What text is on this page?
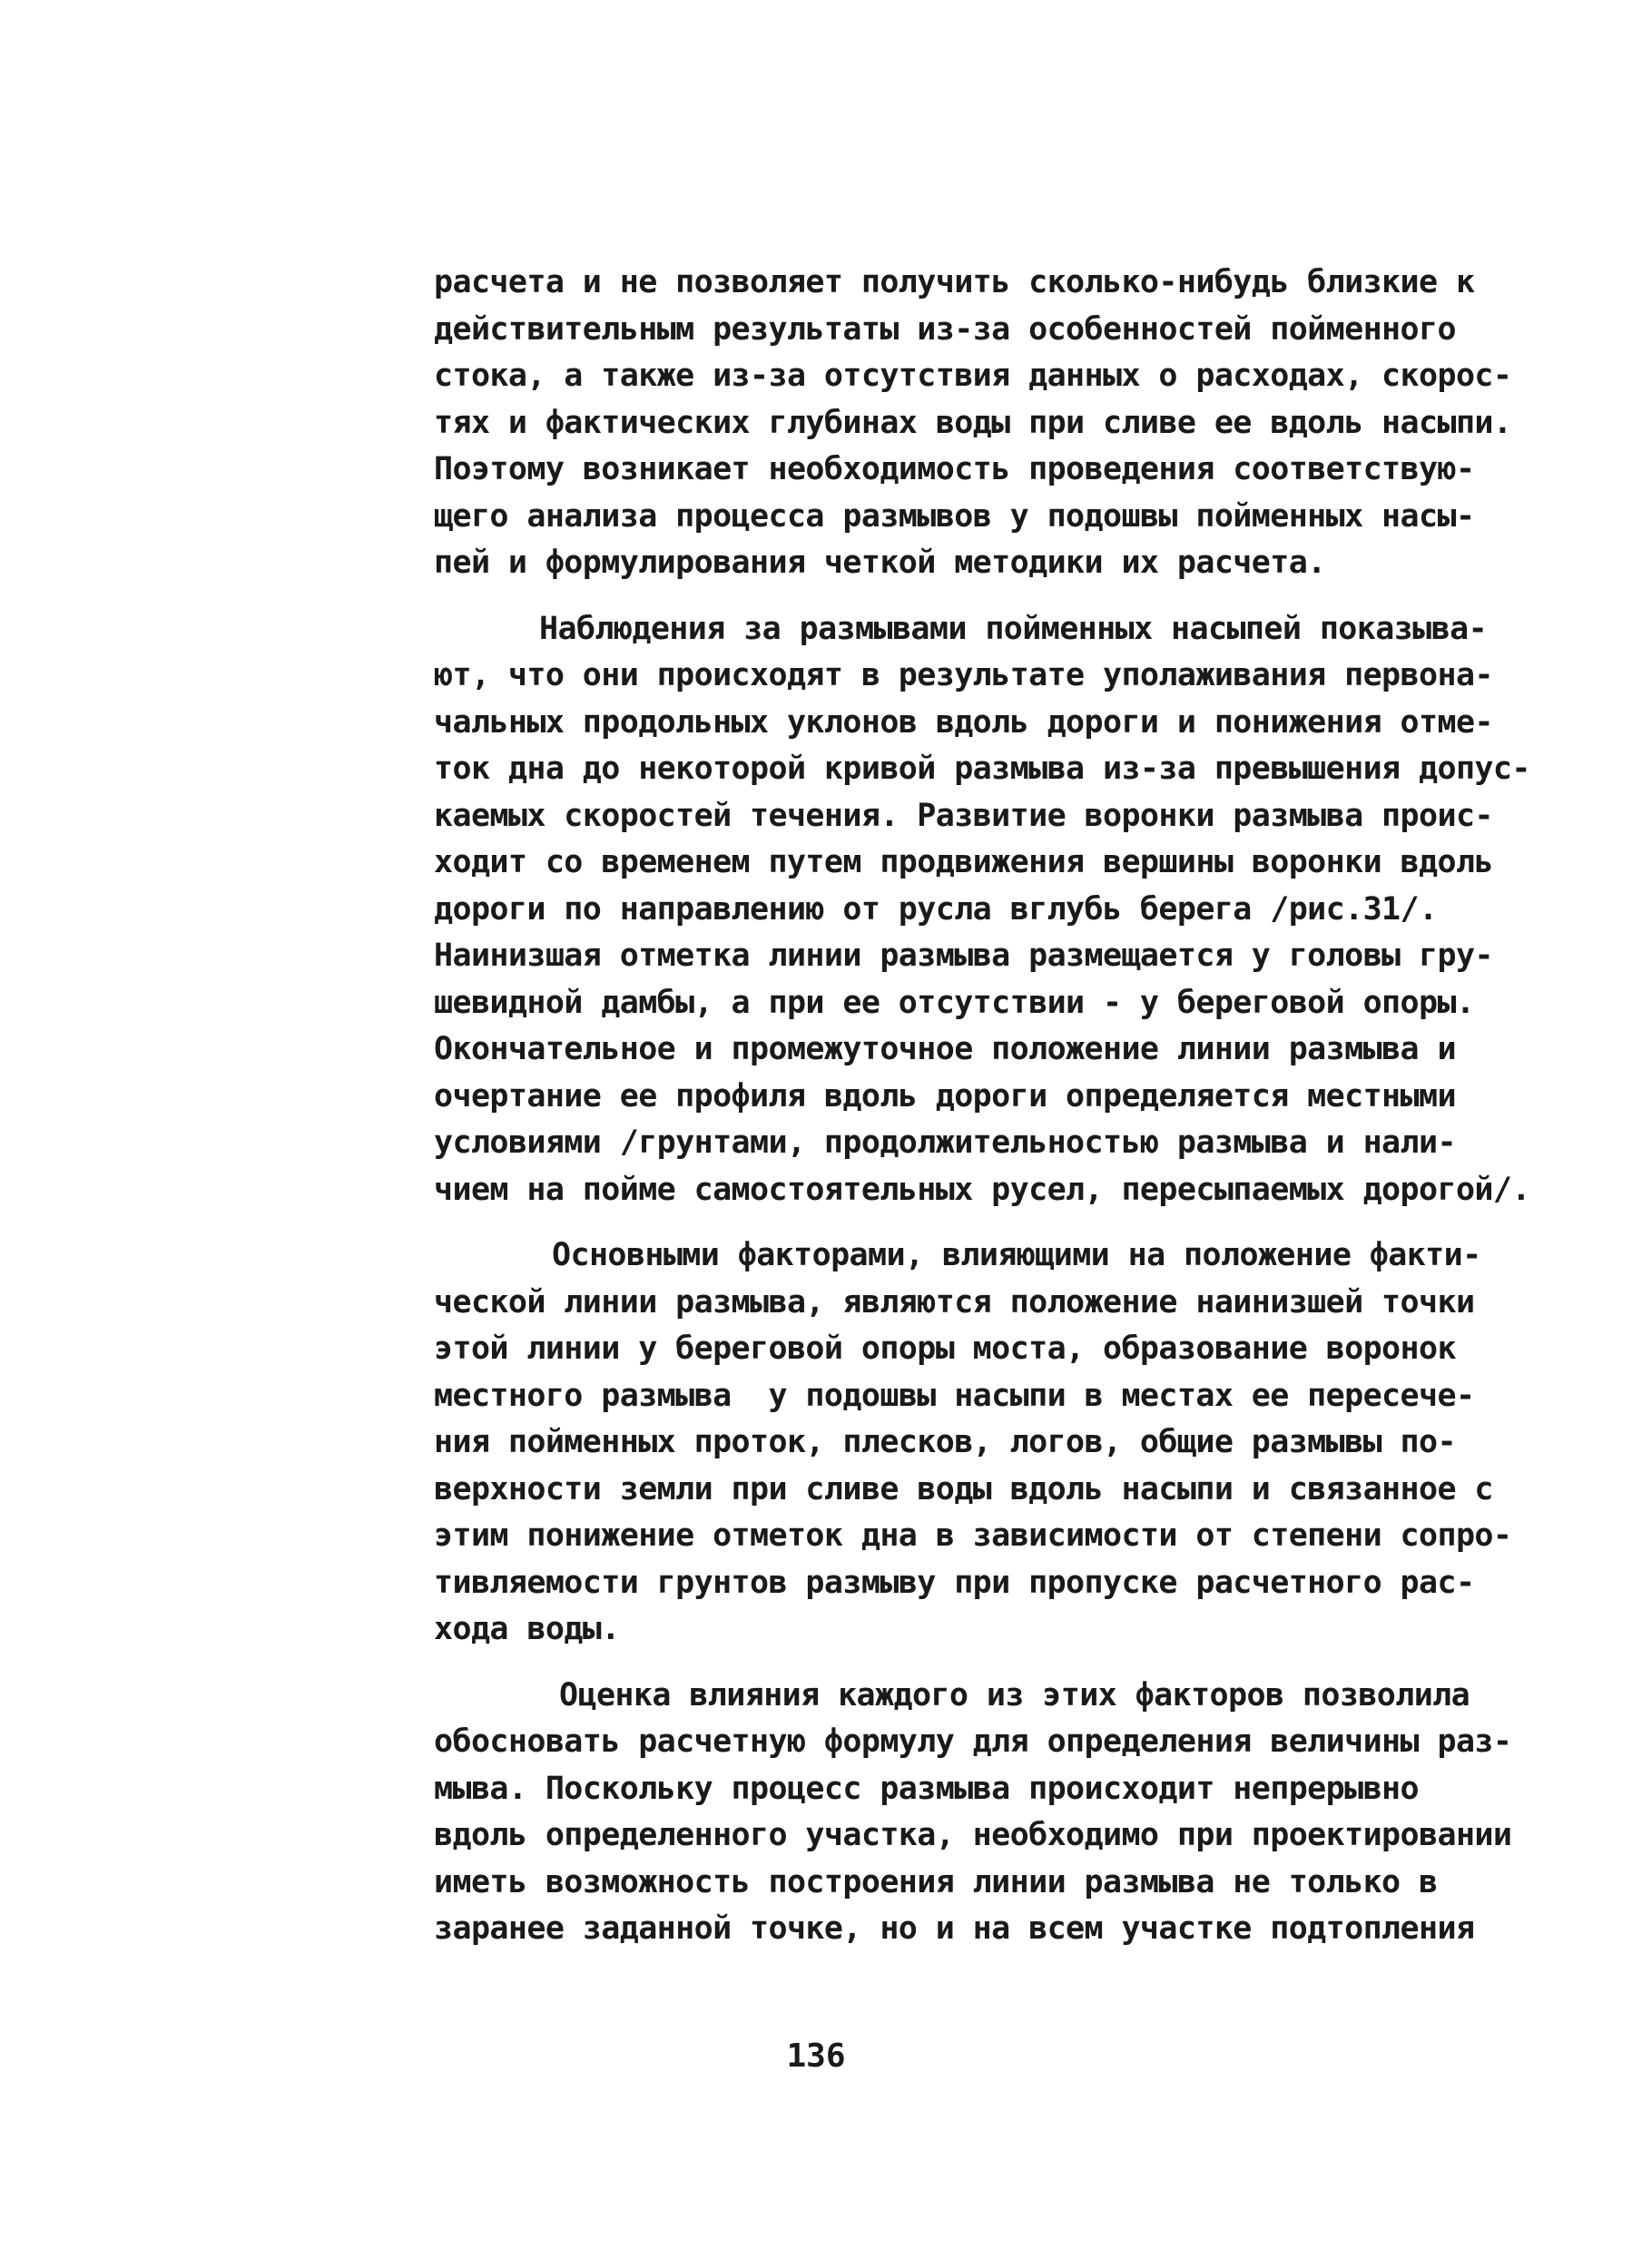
расчета и не позволяет получить сколько-нибудь близкие к
действительным результаты из-за особенностей пойменного
стока, а также из-за отсутствия данных о расходах, скорос-
тях и фактических глубинах воды при сливе ее вдоль насыпи.
Поэтому возникает необходимость проведения соответствую-
щего анализа процесса размывов у подошвы пойменных насы-
пей и формулирования четкой методики их расчета.
Наблюдения за размывами пойменных насыпей показыва-
ют, что они происходят в результате уполаживания первона-
чальных продольных уклонов вдоль дороги и понижения отме-
ток дна до некоторой кривой размыва из-за превышения допус-
каемых скоростей течения. Развитие воронки размыва проис-
ходит со временем путем продвижения вершины воронки вдоль
дороги по направлению от русла вглубь берега /рис.31/.
Наинизшая отметка линии размыва размещается у головы гру-
шевидной дамбы, а при ее отсутствии - у береговой опоры.
Окончательное и промежуточное положение линии размыва и
очертание ее профиля вдоль дороги определяется местными
условиями /грунтами, продолжительностью размыва и нали-
чием на пойме самостоятельных русел, пересыпаемых дорогой/.
Основными факторами, влияющими на положение факти-
ческой линии размыва, являются положение наинизшей точки
этой линии у береговой опоры моста, образование воронок
местного размыва  у подошвы насыпи в местах ее пересече-
ния пойменных проток, плесков, логов, общие размывы по-
верхности земли при сливе воды вдоль насыпи и связанное с
этим понижение отметок дна в зависимости от степени сопро-
тивляемости грунтов размыву при пропуске расчетного рас-
хода воды.
Оценка влияния каждого из этих факторов позволила
обосновать расчетную формулу для определения величины раз-
мыва. Поскольку процесс размыва происходит непрерывно
вдоль определенного участка, необходимо при проектировании
иметь возможность построения линии размыва не только в
заранее заданной точке, но и на всем участке подтопления
136
